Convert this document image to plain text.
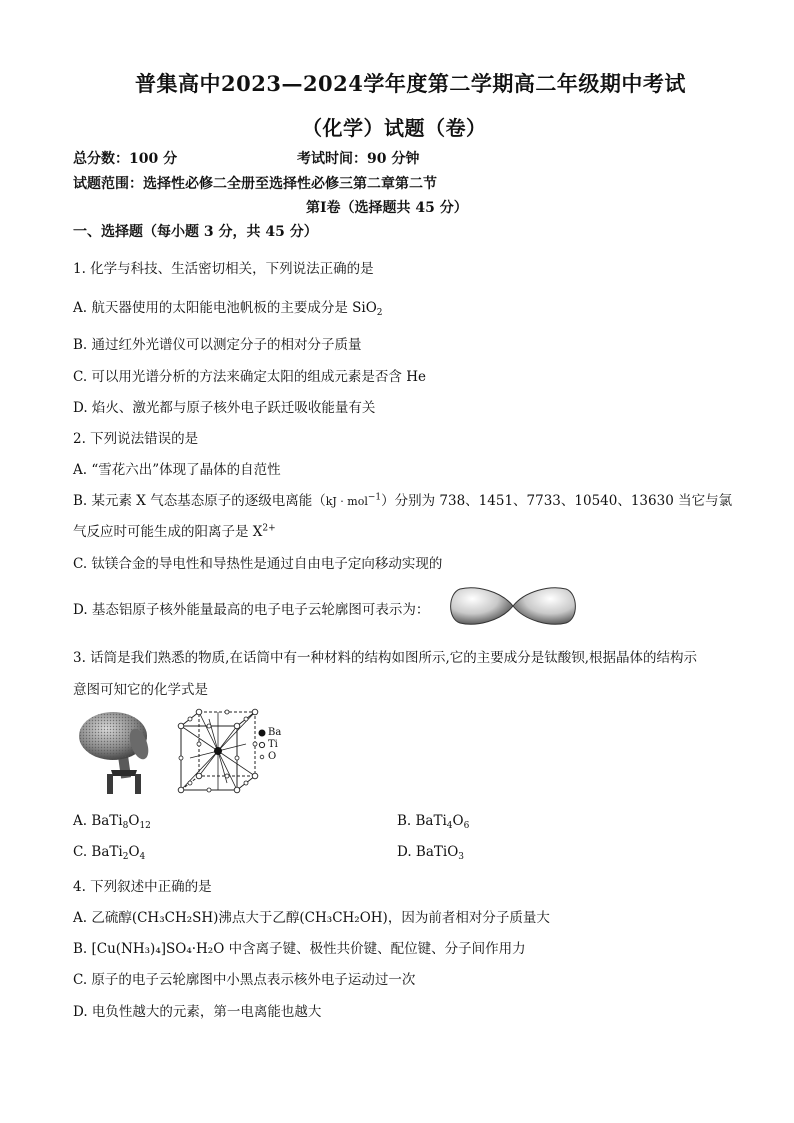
普集高中2023—2024学年度第二学期高二年级期中考试
（化学）试题（卷）
总分数：100 分	考试时间：90 分钟
试题范围：选择性必修二全册至选择性必修三第二章第二节
第Ⅰ卷（选择题共 45 分）
一、选择题（每小题 3 分，共 45 分）
1. 化学与科技、生活密切相关，下列说法正确的是
A. 航天器使用的太阳能电池帆板的主要成分是 SiO$_2$
B. 通过红外光谱仪可以测定分子的相对分子质量
C. 可以用光谱分析的方法来确定太阳的组成元素是否含 He
D. 焰火、激光都与原子核外电子跃迁吸收能量有关
2. 下列说法错误的是
A. “雪花六出”体现了晶体的自范性
B. 某元素 X 气态基态原子的逐级电离能（kJ · mol$^{-1}$）分别为 738、1451、7733、10540、13630 当它与氯
气反应时可能生成的阳离子是 $X^{2+}$
C. 钛镁合金的导电性和导热性是通过自由电子定向移动实现的
D. 基态铝原子核外能量最高的电子电子云轮廓图可表示为：
3. 话筒是我们熟悉的物质,在话筒中有一种材料的结构如图所示,它的主要成分是钛酸钡,根据晶体的结构示
意图可知它的化学式是
Ba
Ti
O
A. $BaTi_8O_{12}$	B. $BaTi_4O_6$
C. $BaTi_2O_4$	D. BaTiO$_3$
4. 下列叙述中正确的是
A. 乙硫醇(CH₃CH₂SH)沸点大于乙醇(CH₃CH₂OH)，因为前者相对分子质量大
B. [Cu(NH₃)₄]SO₄·H₂O 中含离子键、极性共价键、配位键、分子间作用力
C. 原子的电子云轮廓图中小黑点表示核外电子运动过一次
D. 电负性越大的元素，第一电离能也越大
